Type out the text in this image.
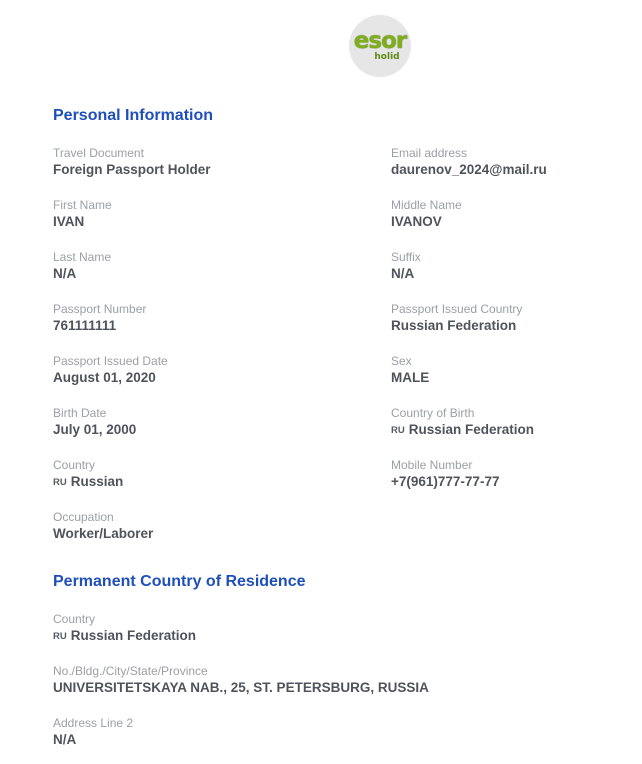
esor
holid
Personal Information
Travel Document
Foreign Passport Holder
Email address
daurenov_2024@mail.ru
First Name
IVAN
Middle Name
IVANOV
Last Name
N/A
Suffix
N/A
Passport Number
761111111
Passport Issued Country
Russian Federation
Passport Issued Date
August 01, 2020
Sex
MALE
Birth Date
July 01, 2000
Country of Birth
RU Russian Federation
Country
RU Russian
Mobile Number
+7(961)777-77-77
Occupation
Worker/Laborer
Permanent Country of Residence
Country
RU Russian Federation
No./Bldg./City/State/Province
UNIVERSITETSKAYA NAB., 25, ST. PETERSBURG, RUSSIA
Address Line 2
N/A
